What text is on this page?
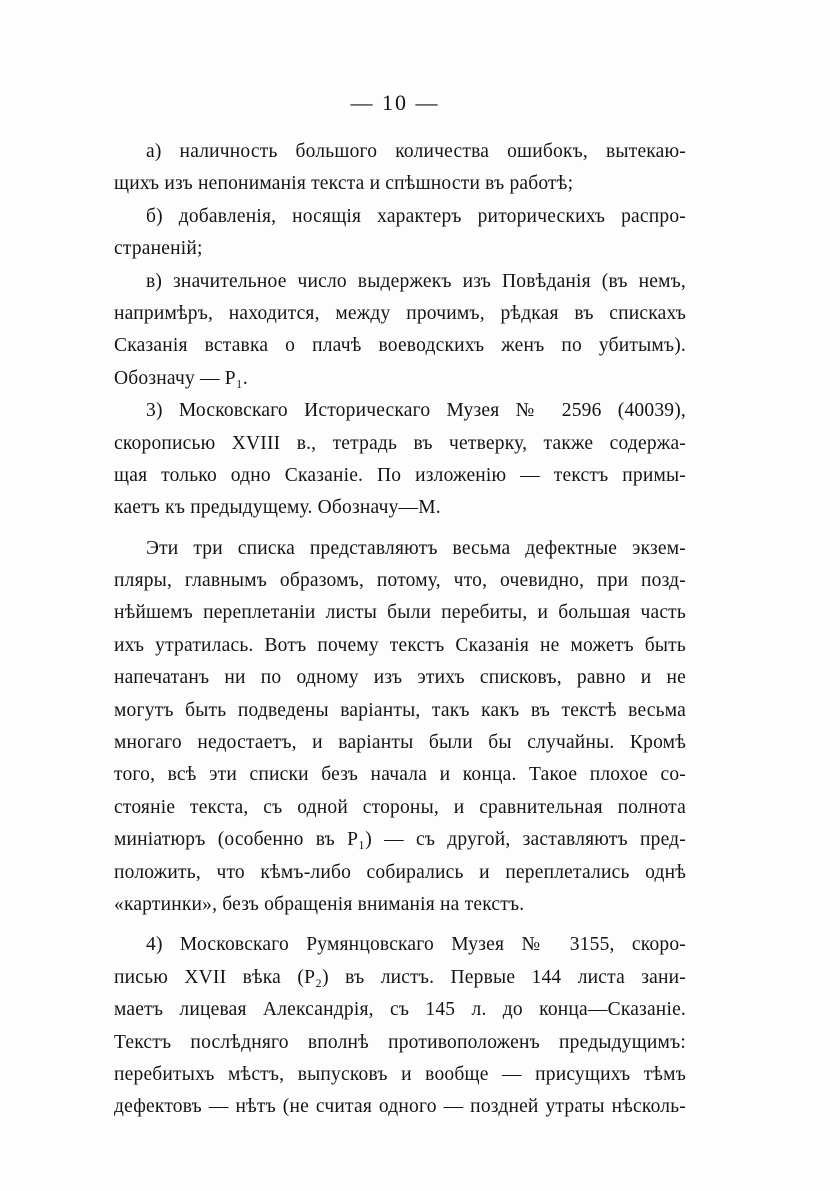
— 10 —
а) наличность большого количества ошибокъ, вытекаю-
щихъ изъ непониманія текста и спѣшности въ работѣ;
б) добавленія, носящія характеръ риторическихъ распро-
страненій;
в) значительное число выдержекъ изъ Повѣданія (въ немъ,
напримѣръ, находится, между прочимъ, рѣдкая въ спискахъ
Сказанія вставка о плачѣ воеводскихъ женъ по убитымъ).
Обозначу — P₁.
3) Московскаго Историческаго Музея № 2596 (40039),
скорописью XVIII в., тетрадь въ четверку, также содержа-
щая только одно Сказаніе. По изложенію — текстъ примы-
каетъ къ предыдущему. Обозначу—М.
Эти три списка представляютъ весьма дефектные экзем-
пляры, главнымъ образомъ, потому, что, очевидно, при позд-
нѣйшемъ переплетаніи листы были перебиты, и большая часть
ихъ утратилась. Вотъ почему текстъ Сказанія не можетъ быть
напечатанъ ни по одному изъ этихъ списковъ, равно и не
могутъ быть подведены варіанты, такъ какъ въ текстѣ весьма
многаго недостаетъ, и варіанты были бы случайны. Кромѣ
того, всѣ эти списки безъ начала и конца. Такое плохое со-
стояніе текста, съ одной стороны, и сравнительная полнота
миніатюръ (особенно въ P₁) — съ другой, заставляютъ пред-
положить, что кѣмъ-либо собирались и переплетались однѣ
«картинки», безъ обращенія вниманія на текстъ.
4) Московскаго Румянцовскаго Музея № 3155, скоро-
писью XVII вѣка (P₂) въ листъ. Первые 144 листа зани-
маетъ лицевая Александрія, съ 145 л. до конца—Сказаніе.
Текстъ послѣдняго вполнѣ противоположенъ предыдущимъ:
перебитыхъ мѣстъ, выпусковъ и вообще — присущихъ тѣмъ
дефектовъ — нѣтъ (не считая одного — поздней утраты нѣсколь-
